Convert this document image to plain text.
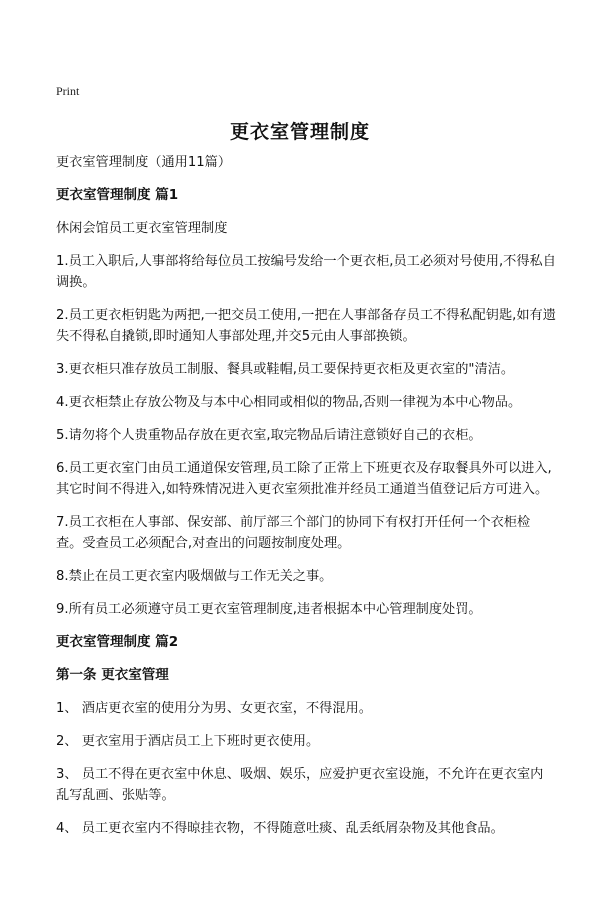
Print
更衣室管理制度
更衣室管理制度（通用11篇）
更衣室管理制度 篇1
休闲会馆员工更衣室管理制度
1.员工入职后,人事部将给每位员工按编号发给一个更衣柜,员工必须对号使用,不得私自调换。
2.员工更衣柜钥匙为两把,一把交员工使用,一把在人事部备存员工不得私配钥匙,如有遗失不得私自撬锁,即时通知人事部处理,并交5元由人事部换锁。
3.更衣柜只准存放员工制服、餐具或鞋帽,员工要保持更衣柜及更衣室的"清洁。
4.更衣柜禁止存放公物及与本中心相同或相似的物品,否则一律视为本中心物品。
5.请勿将个人贵重物品存放在更衣室,取完物品后请注意锁好自己的衣柜。
6.员工更衣室门由员工通道保安管理,员工除了正常上下班更衣及存取餐具外可以进入,其它时间不得进入,如特殊情况进入更衣室须批准并经员工通道当值登记后方可进入。
7.员工衣柜在人事部、保安部、前厅部三个部门的协同下有权打开任何一个衣柜检查。受查员工必须配合,对查出的问题按制度处理。
8.禁止在员工更衣室内吸烟做与工作无关之事。
9.所有员工必须遵守员工更衣室管理制度,违者根据本中心管理制度处罚。
更衣室管理制度 篇2
第一条 更衣室管理
1、 酒店更衣室的使用分为男、女更衣室，不得混用。
2、 更衣室用于酒店员工上下班时更衣使用。
3、 员工不得在更衣室中休息、吸烟、娱乐，应爱护更衣室设施，不允许在更衣室内乱写乱画、张贴等。
4、 员工更衣室内不得晾挂衣物，不得随意吐痰、乱丢纸屑杂物及其他食品。
